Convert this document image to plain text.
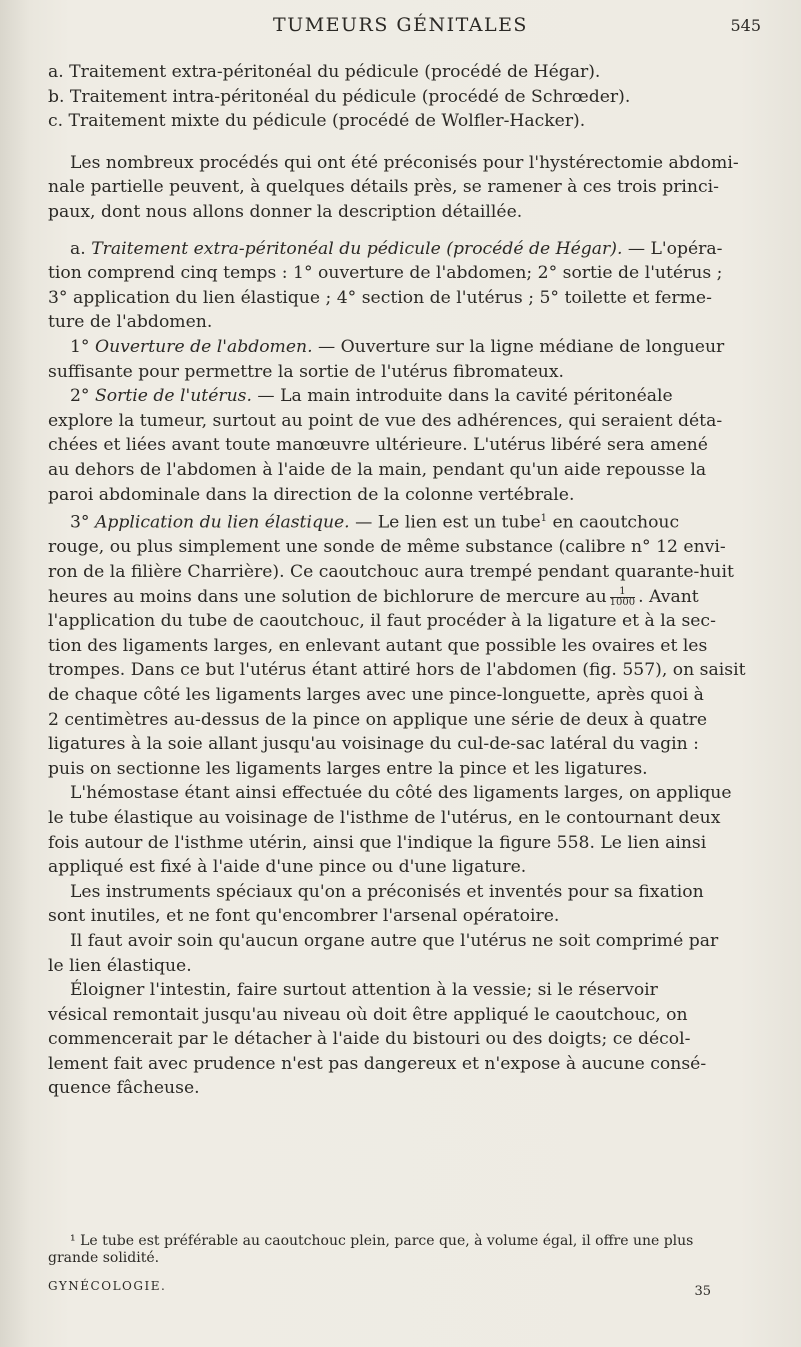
TUMEURS GÉNITALES	545
a. Traitement extra-péritonéal du pédicule (procédé de Hégar).
b. Traitement intra-péritonéal du pédicule (procédé de Schrœder).
c. Traitement mixte du pédicule (procédé de Wolfler-Hacker).
Les nombreux procédés qui ont été préconisés pour l'hystérectomie abdomi-
nale partielle peuvent, à quelques détails près, se ramener à ces trois princi-
paux, dont nous allons donner la description détaillée.
a. Traitement extra-péritonéal du pédicule (procédé de Hégar). — L'opéra-
tion comprend cinq temps : 1° ouverture de l'abdomen; 2° sortie de l'utérus ;
3° application du lien élastique ; 4° section de l'utérus ; 5° toilette et ferme-
ture de l'abdomen.
1° Ouverture de l'abdomen. — Ouverture sur la ligne médiane de longueur
suffisante pour permettre la sortie de l'utérus fibromateux.
2° Sortie de l'utérus. — La main introduite dans la cavité péritonéale
explore la tumeur, surtout au point de vue des adhérences, qui seraient déta-
chées et liées avant toute manœuvre ultérieure. L'utérus libéré sera amené
au dehors de l'abdomen à l'aide de la main, pendant qu'un aide repousse la
paroi abdominale dans la direction de la colonne vertébrale.
3° Application du lien élastique. — Le lien est un tube$^1$ en caoutchouc
rouge, ou plus simplement une sonde de même substance (calibre n° 12 envi-
ron de la filière Charrière). Ce caoutchouc aura trempé pendant quarante-huit
heures au moins dans une solution de bichlorure de mercure au $\frac{1}{1000}$ . Avant
l'application du tube de caoutchouc, il faut procéder à la ligature et à la sec-
tion des ligaments larges, en enlevant autant que possible les ovaires et les
trompes. Dans ce but l'utérus étant attiré hors de l'abdomen (fig. 557), on saisit
de chaque côté les ligaments larges avec une pince-longuette, après quoi à
2 centimètres au-dessus de la pince on applique une série de deux à quatre
ligatures à la soie allant jusqu'au voisinage du cul-de-sac latéral du vagin :
puis on sectionne les ligaments larges entre la pince et les ligatures.
L'hémostase étant ainsi effectuée du côté des ligaments larges, on applique
le tube élastique au voisinage de l'isthme de l'utérus, en le contournant deux
fois autour de l'isthme utérin, ainsi que l'indique la figure 558. Le lien ainsi
appliqué est fixé à l'aide d'une pince ou d'une ligature.
Les instruments spéciaux qu'on a préconisés et inventés pour sa fixation
sont inutiles, et ne font qu'encombrer l'arsenal opératoire.
Il faut avoir soin qu'aucun organe autre que l'utérus ne soit comprimé par
le lien élastique.
Éloigner l'intestin, faire surtout attention à la vessie; si le réservoir
vésical remontait jusqu'au niveau où doit être appliqué le caoutchouc, on
commencerait par le détacher à l'aide du bistouri ou des doigts; ce décol-
lement fait avec prudence n'est pas dangereux et n'expose à aucune consé-
quence fâcheuse.
¹ Le tube est préférable au caoutchouc plein, parce que, à volume égal, il offre une plus
grande solidité.
GYNÉCOLOGIE.	35
